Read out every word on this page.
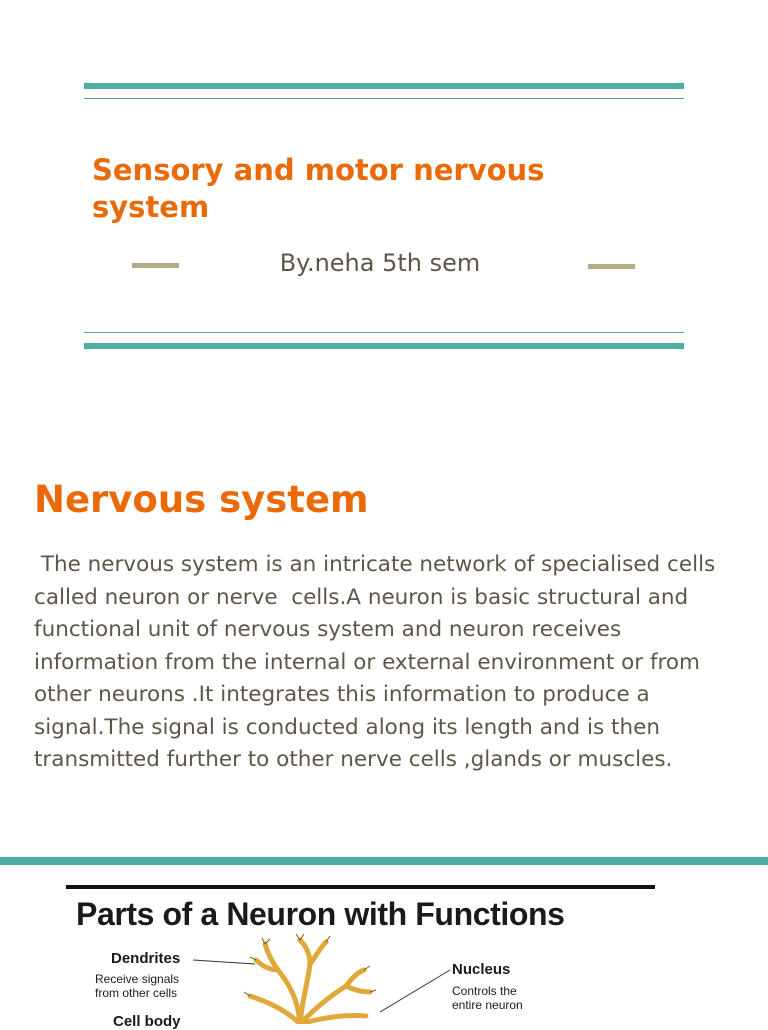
Sensory and motor nervous system
By.neha 5th sem
Nervous system
The nervous system is an intricate network of specialised cells called neuron or nerve  cells.A neuron is basic structural and functional unit of nervous system and neuron receives information from the internal or external environment or from other neurons .It integrates this information to produce a signal.The signal is conducted along its length and is then  transmitted further to other nerve cells ,glands or muscles.
Parts of a Neuron with Functions
Dendrites
Receive signals
from other cells
Cell body
Nucleus
Controls the
entire neuron
